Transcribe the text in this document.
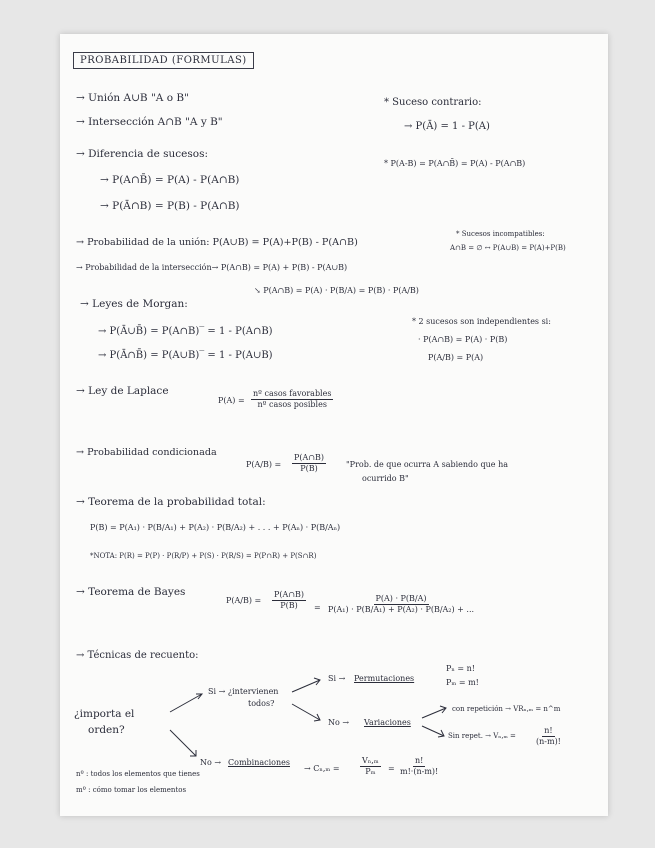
PROBABILIDAD (FORMULAS)
→ Unión A∪B "A o B"
→ Intersección A∩B "A y B"
→ Diferencia de sucesos:
→ P(A∩B̄) = P(A) - P(A∩B)
→ P(Ā∩B) = P(B) - P(A∩B)
* Suceso contrario:
→ P(Ā) = 1 - P(A)
* P(A-B) = P(A∩B̄) = P(A) - P(A∩B)
→ Probabilidad de la unión: P(A∪B) = P(A)+P(B) - P(A∩B)
* Sucesos incompatibles:
A∩B = ∅ ↔ P(A∪B) = P(A)+P(B)
→ Probabilidad de la intersección→ P(A∩B) = P(A) + P(B) - P(A∪B)
↘ P(A∩B) = P(A) · P(B/A) = P(B) · P(A/B)
→ Leyes de Morgan:
→ P(Ā∪B̄) = P(A∩B)‾ = 1 - P(A∩B)
→ P(Ā∩B̄) = P(A∪B)‾ = 1 - P(A∪B)
* 2 sucesos son independientes si:
· P(A∩B) = P(A) · P(B)
P(A/B) = P(A)
→ Ley de Laplace
P(A) =
nº casos favorables
nº casos posibles
→ Probabilidad condicionada
$P(A/B) = \frac{P(A\cap B)}{P(B)}$	"Prob. de que ocurra A sabiendo que ha
ocurrido B"
→ Teorema de la probabilidad total:
P(B) = P(A₁) · P(B/A₁) + P(A₂) · P(B/A₂) + . . . + P(Aₙ) · P(B/Aₙ)
*NOTA: P(R) = P(P) · P(R/P) + P(S) · P(R/S) = P(P∩R) + P(S∩R)
→ Teorema de Bayes
$P(A/B) = \frac{P(A\cap B)}{P(B)} = \frac{P(A) \cdot P(B/A)}{\text{P(A₁) · P(B/A₁) + P(A₂) · P(B/A₂) + ...}}$
→ Técnicas de recuento:
¿importa el
orden?
Si → ¿intervienen
todos?
Si → Permutaciones
Pₙ = n!
Pₘ = m!
No → Variaciones
con repetición → VRₙ,ₘ = n^m
Sin repet. → $V_n,_m = \frac{n!}{(n-m)!}$
No → Combinaciones
→ Cₙ,ₘ =	$\frac{\text{Vₙ,ₘ}}{\text{Pₘ}} = \frac{n!}{m!\cdot(n-m)!}$
nº : todos los elementos que tienes
mº : cómo tomar los elementos
